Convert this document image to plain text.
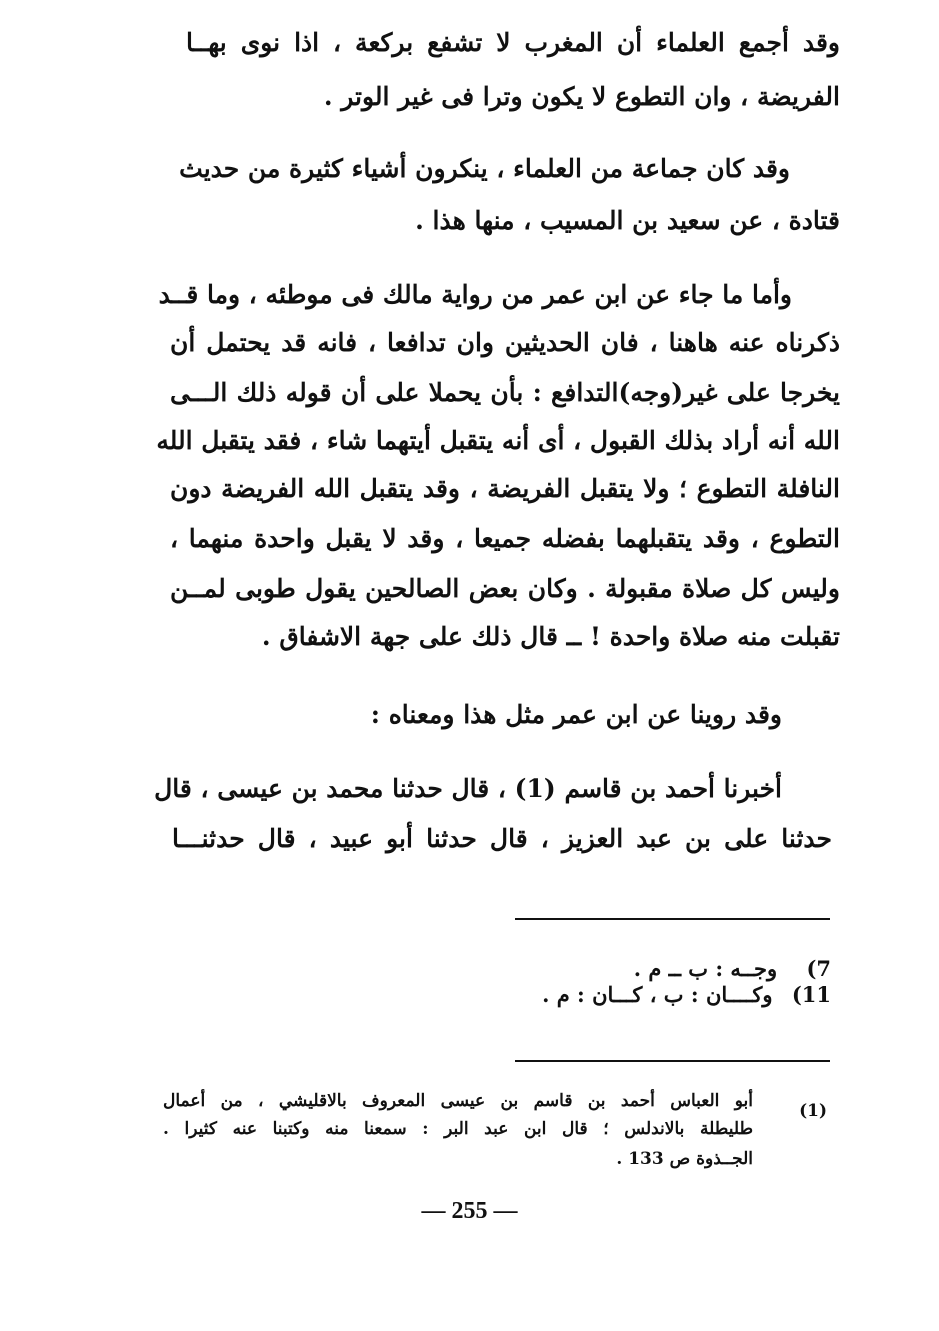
وقد أجمع العلماء أن المغرب لا تشفع بركعة ، اذا نوى بهــا
الفريضة ، وان التطوع لا يكون وترا فى غير الوتر .
وقد كان جماعة من العلماء ، ينكرون أشياء كثيرة من حديث
قتادة ، عن سعيد بن المسيب ، منها هذا .
وأما ما جاء عن ابن عمر من رواية مالك فى موطئه ، وما قــد
ذكرناه عنه هاهنا ، فان الحديثين وان تدافعا ، فانه قد يحتمل أن
يخرجا على غير(وجه)التدافع : بأن يحملا على أن قوله ذلك الـــى
الله أنه أراد بذلك القبول ، أى أنه يتقبل أيتهما شاء ، فقد يتقبل الله
النافلة التطوع ؛ ولا يتقبل الفريضة ، وقد يتقبل الله الفريضة دون
التطوع ، وقد يتقبلهما بفضله جميعا ، وقد لا يقبل واحدة منهما ،
وليس كل صلاة مقبولة . وكان بعض الصالحين يقول طوبى لمــن
تقبلت منه صلاة واحدة ! ــ قال ذلك على جهة الاشفاق .
وقد روينا عن ابن عمر مثل هذا ومعناه :
أخبرنا أحمد بن قاسم (1) ، قال حدثنا محمد بن عيسى ، قال
حدثنا على بن عبد العزيز ، قال حدثنا أبو عبيد ، قال حدثنـــا
7) وجــه : ب ــ م .
11) وكــــان : ب ، كـــان : م .
(1)
أبو العباس أحمد بن قاسم بن عيسى المعروف بالاقليشي ، من أعمال
طليطلة بالاندلس ؛ قال ابن عبد البر : سمعنا منه وكتبنا عنه كثيرا .
الجــذوة ص 133 .
— 255 —
